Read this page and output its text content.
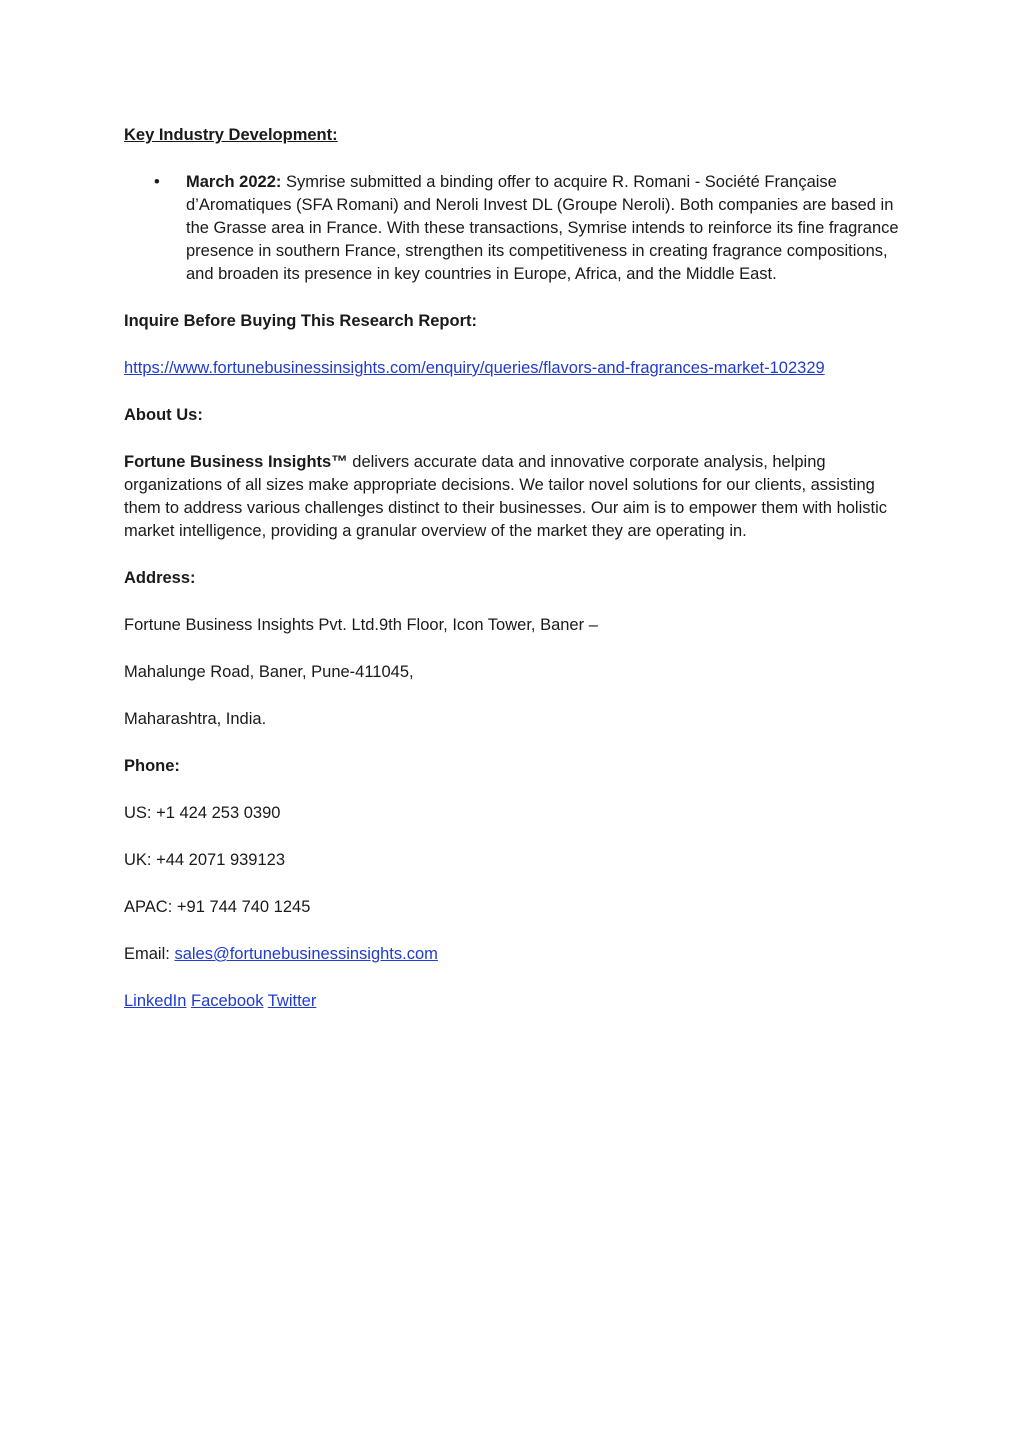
Key Industry Development:

•	March 2022: Symrise submitted a binding offer to acquire R. Romani - Société Française d’Aromatiques (SFA Romani) and Neroli Invest DL (Groupe Neroli). Both companies are based in the Grasse area in France. With these transactions, Symrise intends to reinforce its fine fragrance presence in southern France, strengthen its competitiveness in creating fragrance compositions, and broaden its presence in key countries in Europe, Africa, and the Middle East.

Inquire Before Buying This Research Report:

https://www.fortunebusinessinsights.com/enquiry/queries/flavors-and-fragrances-market-102329

About Us:

Fortune Business Insights™ delivers accurate data and innovative corporate analysis, helping organizations of all sizes make appropriate decisions. We tailor novel solutions for our clients, assisting them to address various challenges distinct to their businesses. Our aim is to empower them with holistic market intelligence, providing a granular overview of the market they are operating in.

Address:

Fortune Business Insights Pvt. Ltd.9th Floor, Icon Tower, Baner –

Mahalunge Road, Baner, Pune-411045,

Maharashtra, India.

Phone:

US: +1 424 253 0390

UK: +44 2071 939123

APAC: +91 744 740 1245

Email: sales@fortunebusinessinsights.com

LinkedIn Facebook Twitter
